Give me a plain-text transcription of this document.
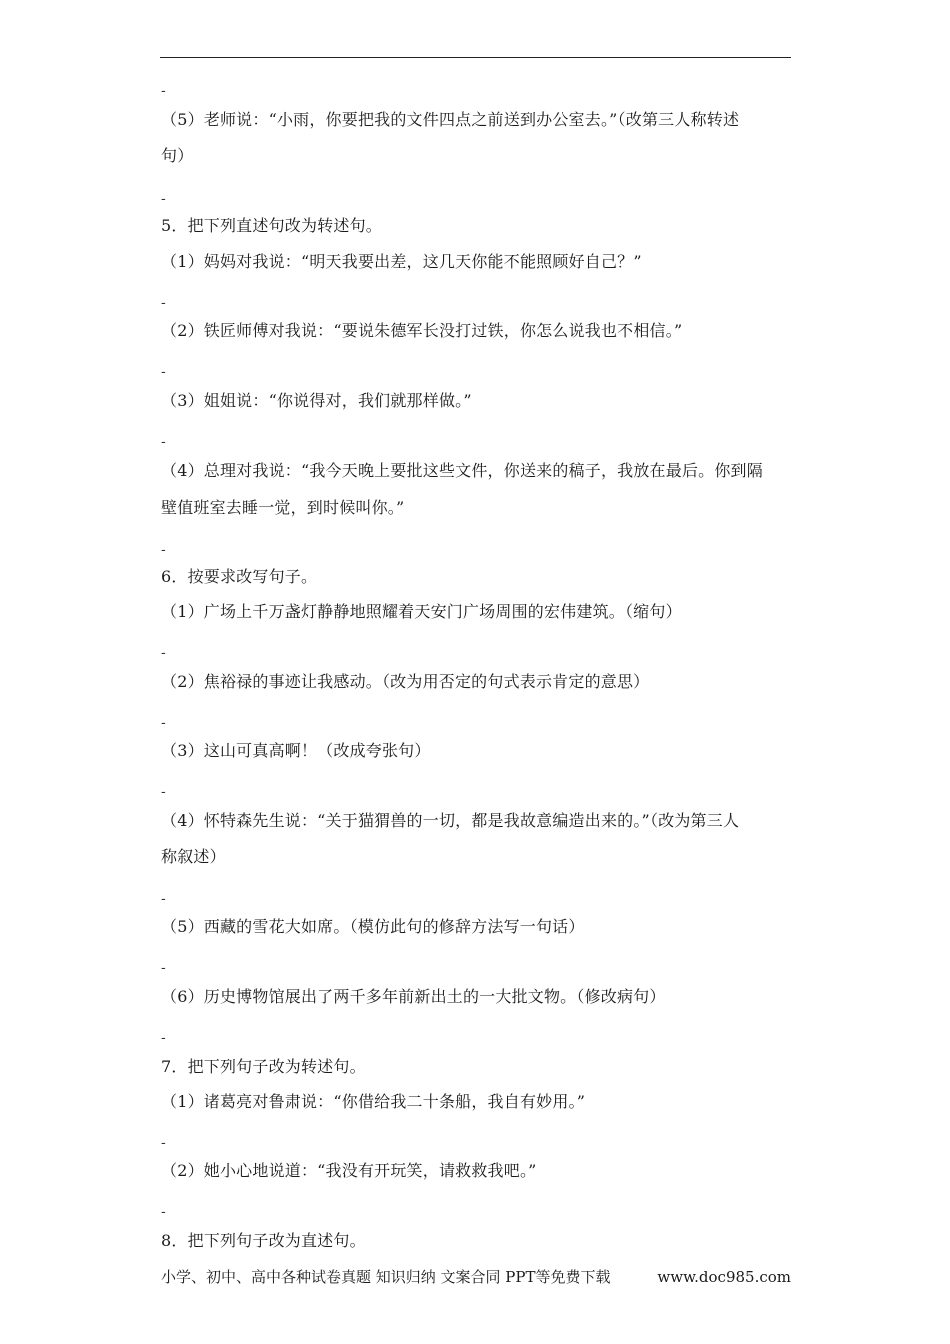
-
（5）老师说：“小雨，你要把我的文件四点之前送到办公室去。”（改第三人称转述
句）
-
5．把下列直述句改为转述句。
（1）妈妈对我说：“明天我要出差，这几天你能不能照顾好自己？”
-
（2）铁匠师傅对我说：“要说朱德军长没打过铁，你怎么说我也不相信。”
-
（3）姐姐说：“你说得对，我们就那样做。”
-
（4）总理对我说：“我今天晚上要批这些文件，你送来的稿子，我放在最后。你到隔
壁值班室去睡一觉，到时候叫你。”
-
6．按要求改写句子。
（1）广场上千万盏灯静静地照耀着天安门广场周围的宏伟建筑。（缩句）
-
（2）焦裕禄的事迹让我感动。（改为用否定的句式表示肯定的意思）
-
（3）这山可真高啊！（改成夸张句）
-
（4）怀特森先生说：“关于猫猬兽的一切，都是我故意编造出来的。”（改为第三人
称叙述）
-
（5）西藏的雪花大如席。（模仿此句的修辞方法写一句话）
-
（6）历史博物馆展出了两千多年前新出土的一大批文物。（修改病句）
-
7．把下列句子改为转述句。
（1）诸葛亮对鲁肃说：“你借给我二十条船，我自有妙用。”
-
（2）她小心地说道：“我没有开玩笑，请救救我吧。”
-
8．把下列句子改为直述句。
小学、初中、高中各种试卷真题 知识归纳 文案合同 PPT等免费下载	www.doc985.com
